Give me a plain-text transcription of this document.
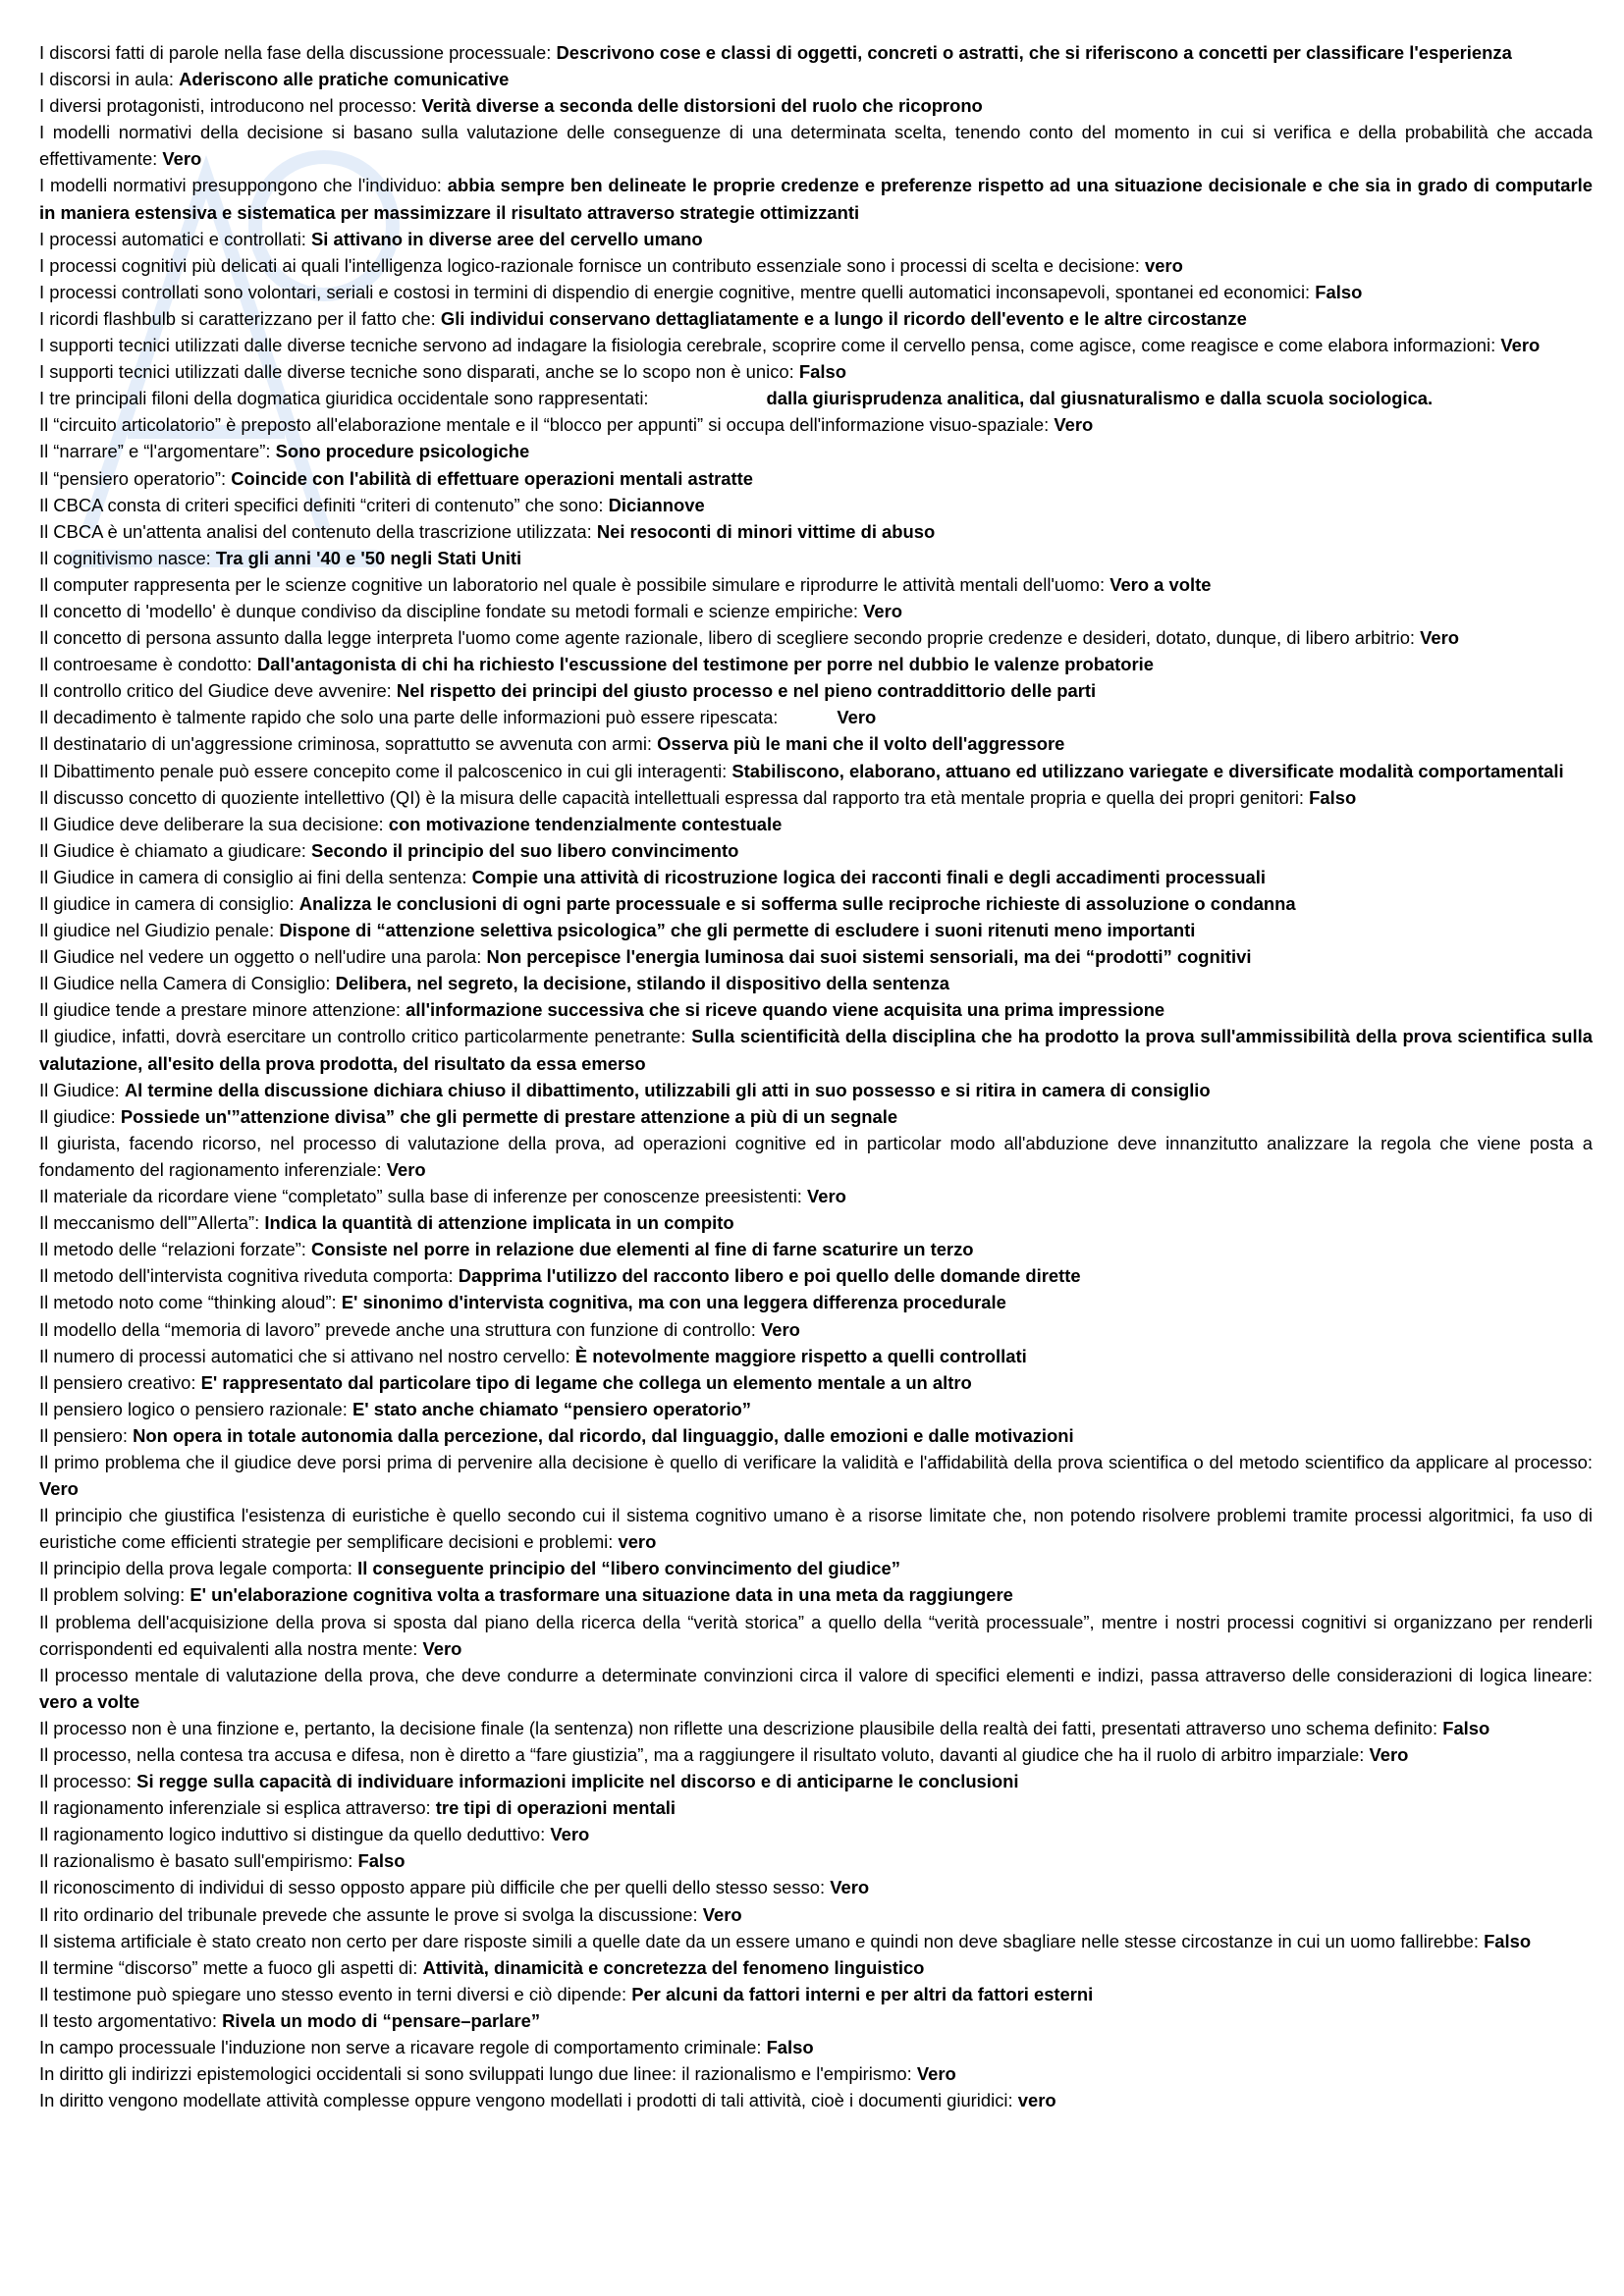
I discorsi fatti di parole nella fase della discussione processuale: Descrivono cose e classi di oggetti, concreti o astratti, che si riferiscono a concetti per classificare l'esperienza

I discorsi in aula: Aderiscono alle pratiche comunicative

I diversi protagonisti, introducono nel processo: Verità diverse a seconda delle distorsioni del ruolo che ricoprono

I modelli normativi della decisione si basano sulla valutazione delle conseguenze di una determinata scelta, tenendo conto del momento in cui si verifica e della probabilità che accada effettivamente: Vero

I modelli normativi presuppongono che l'individuo: abbia sempre ben delineate le proprie credenze e preferenze rispetto ad una situazione decisionale e che sia in grado di computarle in maniera estensiva e sistematica per massimizzare il risultato attraverso strategie ottimizzanti

I processi automatici e controllati: Si attivano in diverse aree del cervello umano

I processi cognitivi più delicati ai quali l'intelligenza logico-razionale fornisce un contributo essenziale sono i processi di scelta e decisione: vero

I processi controllati sono volontari, seriali e costosi in termini di dispendio di energie cognitive, mentre quelli automatici inconsapevoli, spontanei ed economici: Falso

I ricordi flashbulb si caratterizzano per il fatto che: Gli individui conservano dettagliatamente e a lungo il ricordo dell'evento e le altre circostanze

I supporti tecnici utilizzati dalle diverse tecniche servono ad indagare la fisiologia cerebrale, scoprire come il cervello pensa, come agisce, come reagisce e come elabora informazioni: Vero

I supporti tecnici utilizzati dalle diverse tecniche sono disparati, anche se lo scopo non è unico: Falso

I tre principali filoni della dogmatica giuridica occidentale sono rappresentati:	dalla giurisprudenza analitica, dal giusnaturalismo e dalla scuola sociologica.

Il “circuito articolatorio” è preposto all'elaborazione mentale e il “blocco per appunti” si occupa dell'informazione visuo-spaziale: Vero

Il “narrare” e “l'argomentare”: Sono procedure psicologiche

Il “pensiero operatorio”: Coincide con l'abilità di effettuare operazioni mentali astratte

Il CBCA consta di criteri specifici definiti “criteri di contenuto” che sono: Diciannove

Il CBCA è un'attenta analisi del contenuto della trascrizione utilizzata: Nei resoconti di minori vittime di abuso

Il cognitivismo nasce: Tra gli anni '40 e '50 negli Stati Uniti

Il computer rappresenta per le scienze cognitive un laboratorio nel quale è possibile simulare e riprodurre le attività mentali dell'uomo: Vero a volte

Il concetto di 'modello' è dunque condiviso da discipline fondate su metodi formali e scienze empiriche: Vero

Il concetto di persona assunto dalla legge interpreta l'uomo come agente razionale, libero di scegliere secondo proprie credenze e desideri, dotato, dunque, di libero arbitrio: Vero

Il controesame è condotto: Dall'antagonista di chi ha richiesto l'escussione del testimone per porre nel dubbio le valenze probatorie

Il controllo critico del Giudice deve avvenire: Nel rispetto dei principi del giusto processo e nel pieno contraddittorio delle parti

Il decadimento è talmente rapido che solo una parte delle informazioni può essere ripescata:	Vero

Il destinatario di un'aggressione criminosa, soprattutto se avvenuta con armi: Osserva più le mani che il volto dell'aggressore

Il Dibattimento penale può essere concepito come il palcoscenico in cui gli interagenti: Stabiliscono, elaborano, attuano ed utilizzano variegate e diversificate modalità comportamentali

Il discusso concetto di quoziente intellettivo (QI) è la misura delle capacità intellettuali espressa dal rapporto tra età mentale propria e quella dei propri genitori: Falso

Il Giudice deve deliberare la sua decisione: con motivazione tendenzialmente contestuale

Il Giudice è chiamato a giudicare: Secondo il principio del suo libero convincimento

Il Giudice in camera di consiglio ai fini della sentenza: Compie una attività di ricostruzione logica dei racconti finali e degli accadimenti processuali

Il giudice in camera di consiglio: Analizza le conclusioni di ogni parte processuale e si sofferma sulle reciproche richieste di assoluzione o condanna

Il giudice nel Giudizio penale: Dispone di “attenzione selettiva psicologica” che gli permette di escludere i suoni ritenuti meno importanti

Il Giudice nel vedere un oggetto o nell'udire una parola: Non percepisce l'energia luminosa dai suoi sistemi sensoriali, ma dei “prodotti” cognitivi

Il Giudice nella Camera di Consiglio: Delibera, nel segreto, la decisione, stilando il dispositivo della sentenza

Il giudice tende a prestare minore attenzione: all'informazione successiva che si riceve quando viene acquisita una prima impressione

Il giudice, infatti, dovrà esercitare un controllo critico particolarmente penetrante: Sulla scientificità della disciplina che ha prodotto la prova sull'ammissibilità della prova scientifica sulla valutazione, all'esito della prova prodotta, del risultato da essa emerso

Il Giudice: Al termine della discussione dichiara chiuso il dibattimento, utilizzabili gli atti in suo possesso e si ritira in camera di consiglio

Il giudice: Possiede un'”attenzione divisa” che gli permette di prestare attenzione a più di un segnale

Il giurista, facendo ricorso, nel processo di valutazione della prova, ad operazioni cognitive ed in particolar modo all'abduzione deve innanzitutto analizzare la regola che viene posta a fondamento del ragionamento inferenziale: Vero

Il materiale da ricordare viene “completato” sulla base di inferenze per conoscenze preesistenti: Vero

Il meccanismo dell'”Allerta”: Indica la quantità di attenzione implicata in un compito

Il metodo delle “relazioni forzate”: Consiste nel porre in relazione due elementi al fine di farne scaturire un terzo

Il metodo dell'intervista cognitiva riveduta comporta: Dapprima l'utilizzo del racconto libero e poi quello delle domande dirette

Il metodo noto come “thinking aloud”: E' sinonimo d'intervista cognitiva, ma con una leggera differenza procedurale

Il modello della “memoria di lavoro” prevede anche una struttura con funzione di controllo: Vero

Il numero di processi automatici che si attivano nel nostro cervello: È notevolmente maggiore rispetto a quelli controllati

Il pensiero creativo: E' rappresentato dal particolare tipo di legame che collega un elemento mentale a un altro

Il pensiero logico o pensiero razionale: E' stato anche chiamato “pensiero operatorio”

Il pensiero: Non opera in totale autonomia dalla percezione, dal ricordo, dal linguaggio, dalle emozioni e dalle motivazioni

Il primo problema che il giudice deve porsi prima di pervenire alla decisione è quello di verificare la validità e l'affidabilità della prova scientifica o del metodo scientifico da applicare al processo: Vero

Il principio che giustifica l'esistenza di euristiche è quello secondo cui il sistema cognitivo umano è a risorse limitate che, non potendo risolvere problemi tramite processi algoritmici, fa uso di euristiche come efficienti strategie per semplificare decisioni e problemi: vero

Il principio della prova legale comporta: Il conseguente principio del “libero convincimento del giudice”

Il problem solving: E' un'elaborazione cognitiva volta a trasformare una situazione data in una meta da raggiungere

Il problema dell'acquisizione della prova si sposta dal piano della ricerca della “verità storica” a quello della “verità processuale”, mentre i nostri processi cognitivi si organizzano per renderli corrispondenti ed equivalenti alla nostra mente: Vero

Il processo mentale di valutazione della prova, che deve condurre a determinate convinzioni circa il valore di specifici elementi e indizi, passa attraverso delle considerazioni di logica lineare: vero a volte

Il processo non è una finzione e, pertanto, la decisione finale (la sentenza) non riflette una descrizione plausibile della realtà dei fatti, presentati attraverso uno schema definito: Falso

Il processo, nella contesa tra accusa e difesa, non è diretto a “fare giustizia”, ma a raggiungere il risultato voluto, davanti al giudice che ha il ruolo di arbitro imparziale: Vero

Il processo: Si regge sulla capacità di individuare informazioni implicite nel discorso e di anticiparne le conclusioni

Il ragionamento inferenziale si esplica attraverso: tre tipi di operazioni mentali

Il ragionamento logico induttivo si distingue da quello deduttivo: Vero

Il razionalismo è basato sull'empirismo: Falso

Il riconoscimento di individui di sesso opposto appare più difficile che per quelli dello stesso sesso: Vero

Il rito ordinario del tribunale prevede che assunte le prove si svolga la discussione: Vero

Il sistema artificiale è stato creato non certo per dare risposte simili a quelle date da un essere umano e quindi non deve sbagliare nelle stesse circostanze in cui un uomo fallirebbe: Falso

Il termine “discorso” mette a fuoco gli aspetti di: Attività, dinamicità e concretezza del fenomeno linguistico

Il testimone può spiegare uno stesso evento in terni diversi e ciò dipende: Per alcuni da fattori interni e per altri da fattori esterni

Il testo argomentativo: Rivela un modo di “pensare–parlare”

In campo processuale l'induzione non serve a ricavare regole di comportamento criminale: Falso

In diritto gli indirizzi epistemologici occidentali si sono sviluppati lungo due linee: il razionalismo e l'empirismo: Vero

In diritto vengono modellate attività complesse oppure vengono modellati i prodotti di tali attività, cioè i documenti giuridici: vero
